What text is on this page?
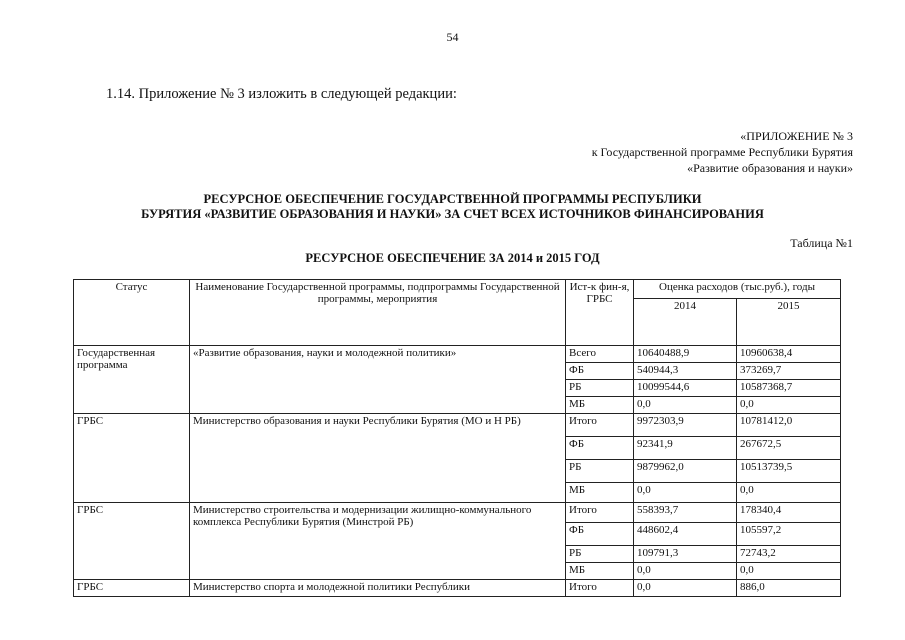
54
1.14. Приложение № 3 изложить в следующей редакции:
«ПРИЛОЖЕНИЕ № 3
к Государственной программе Республики Бурятия
«Развитие образования и науки»
РЕСУРСНОЕ ОБЕСПЕЧЕНИЕ ГОСУДАРСТВЕННОЙ ПРОГРАММЫ РЕСПУБЛИКИ
БУРЯТИЯ «РАЗВИТИЕ ОБРАЗОВАНИЯ И НАУКИ» ЗА СЧЕТ ВСЕХ ИСТОЧНИКОВ ФИНАНСИРОВАНИЯ
Таблица №1
РЕСУРСНОЕ ОБЕСПЕЧЕНИЕ ЗА 2014 и 2015 ГОД
Статус	Наименование Государственной программы, подпрограммы Государственной программы, мероприятия	Ист-к фин-я, ГРБС	Оценка расходов (тыс.руб.), годы	
			2014	2015
Государственная программа	«Развитие образования, науки и молодежной политики»	Всего	10640488,9	10960638,4
		ФБ	540944,3	373269,7
		РБ	10099544,6	10587368,7
		МБ	0,0	0,0
ГРБС	Министерство образования и науки Республики Бурятия (МО и Н РБ)	Итого	9972303,9	10781412,0
		ФБ	92341,9	267672,5
		РБ	9879962,0	10513739,5
		МБ	0,0	0,0
ГРБС	Министерство строительства и модернизации жилищно-коммунального комплекса Республики Бурятия (Минстрой РБ)	Итого	558393,7	178340,4
		ФБ	448602,4	105597,2
		РБ	109791,3	72743,2
		МБ	0,0	0,0
ГРБС	Министерство спорта и молодежной политики Республики	Итого	0,0	886,0
